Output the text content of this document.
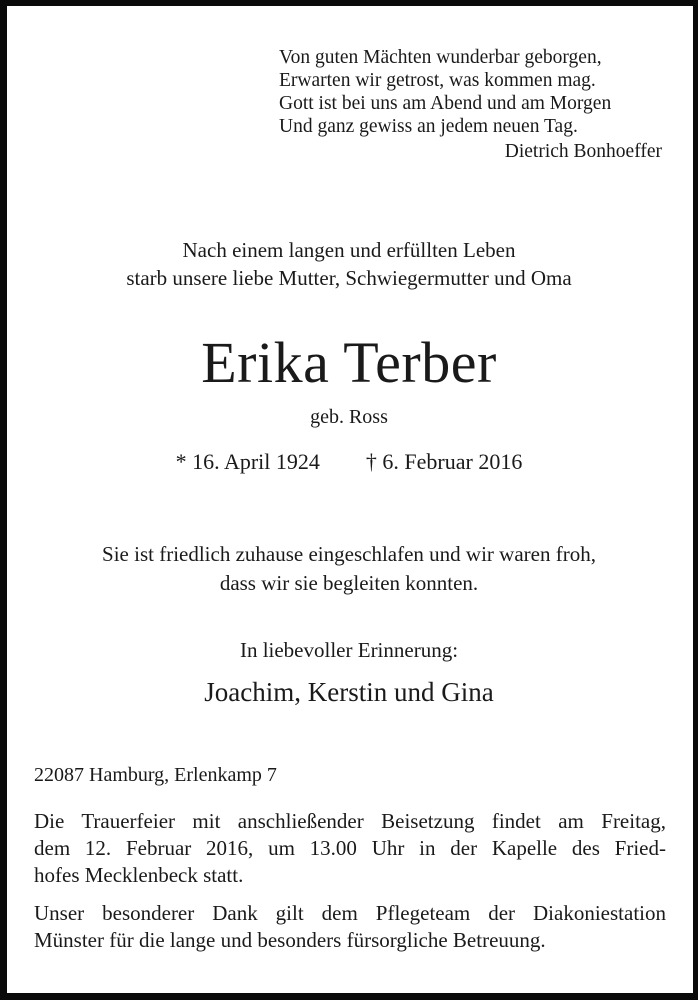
Von guten Mächten wunderbar geborgen,
Erwarten wir getrost, was kommen mag.
Gott ist bei uns am Abend und am Morgen
Und ganz gewiss an jedem neuen Tag.
Dietrich Bonhoeffer
Nach einem langen und erfüllten Leben
starb unsere liebe Mutter, Schwiegermutter und Oma
Erika Terber
geb. Ross
* 16. April 1924 † 6. Februar 2016
Sie ist friedlich zuhause eingeschlafen und wir waren froh,
dass wir sie begleiten konnten.
In liebevoller Erinnerung:
Joachim, Kerstin und Gina
22087 Hamburg, Erlenkamp 7
Die Trauerfeier mit anschließender Beisetzung findet am Freitag,
dem 12. Februar 2016, um 13.00 Uhr in der Kapelle des Fried-
hofes Mecklenbeck statt.
Unser besonderer Dank gilt dem Pflegeteam der Diakoniestation
Münster für die lange und besonders fürsorgliche Betreuung.
